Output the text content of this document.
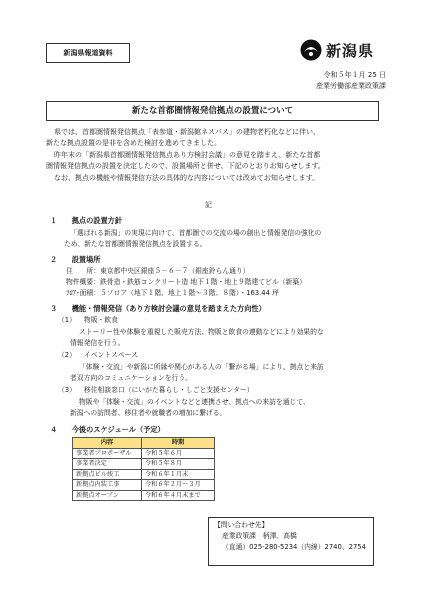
新潟県報道資料	新潟県
令和５年１月 25 日
産業労働部産業政策課
新たな首都圏情報発信拠点の設置について

県では、首都圏情報発信拠点「表参道・新潟館ネスパス」の建物老朽化などに伴い、

新たな拠点設置の是非を含めた検討を進めてきました。

昨年末の「新潟県首都圏情報発信拠点あり方検討会議」の意見を踏まえ、新たな首都

圏情報発信拠点の設置を決定したので、設置場所と併せ、下記のとおりお知らせします。

なお、拠点の機能や情報発信方法の具体的な内容については改めてお知らせします。

記
１ 拠点の設置方針
「選ばれる新潟」の実現に向けて、首都圏での交流の場の創出と情報発信の強化の
ため、新たな首都圏情報発信拠点を設置する。
２ 設置場所
住　　所：東京都中央区銀座５－６－７（銀座鈴らん通り）
物件概要：鉄骨造・鉄筋コンクリート造 地下１階・地上９階建てビル（新築）
ﾌﾛｱ･面積：５フロア（地下１階、地上１階～３階、８階）・163.44 坪
３ 機能・情報発信（あり方検討会議の意見を踏まえた方向性）
（1） 物販・飲食
ストーリー性や体験を重視した販売方法、物販と飲食の連動などにより効果的な
情報発信を行う。
（2） イベントスペース
「体験・交流」や新潟に所縁や関心がある人の「繋がる場」により、拠点と来訪
者双方向のコミュニケーションを行う。
（3） 移住相談窓口（にいがた暮らし・しごと支援センター）
物販や「体験・交流」のイベントなどと連携させ、拠点への来訪を通じて、
新潟への訪問者、移住者や就職者の増加に繋げる。
４ 今後のスケジュール（予定）
内容	時期
事業者プロポーザル	令和５年６月
事業者決定	令和５年８月
新拠点ビル竣工	令和６年１月末
新拠点内装工事	令和６年２月～３月
新拠点オープン	令和６年４月末まで
【問い合わせ先】
産業政策課　柄澤、高橋
（直通）025-280-5234（内線）2740、2754
